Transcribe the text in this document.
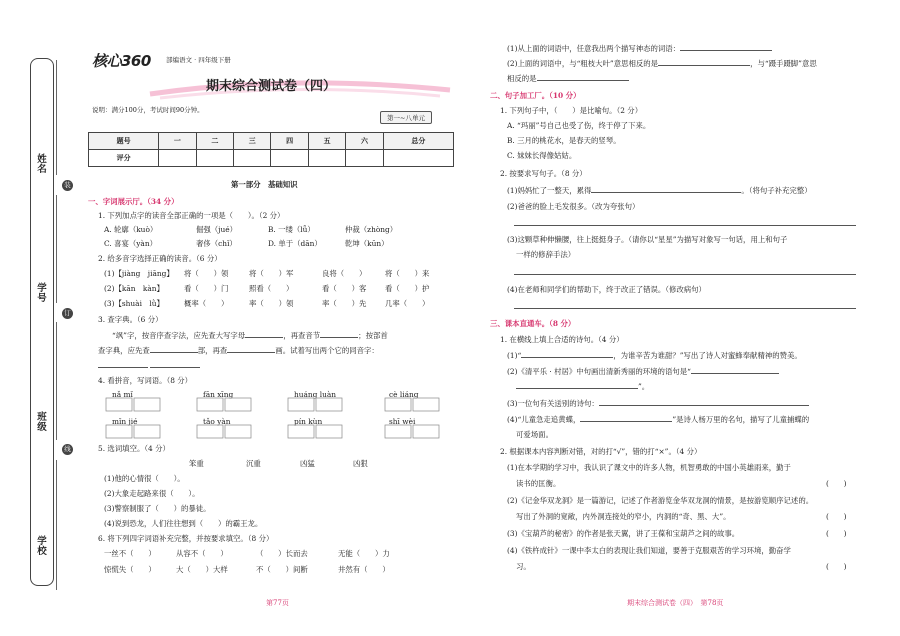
姓名
学号
班级
学校
装
订
线
核心360 部编语文 · 四年级下册
期末综合测试卷（四）
说明：满分100分，考试时间90分钟。
第一~八单元
题号	一	二	三	四	五	六	总分
评分							
第一部分　基础知识
一、字词展示厅。（34 分）
1. 下列加点字的读音全部正确的一项是（　　）。（2 分）
A. 轮廓（kuò）	倔强（jué）	B. 一缕（lǚ）	仲裁（zhòng）
C. 喜宴（yàn）	奢侈（chǐ）	D. 单于（dān）	乾坤（kūn）
2. 给多音字选择正确的读音。（6 分）
(1)【jiàng　jiāng】 将（　　）领	将（　　）军	良将（　　）	将（　　）来
(2)【kān　kàn】	看（　　）门	照看（　　）	看（　　）客	看（　　）护
(3)【shuài　lǜ】	概率（　　）	率（　　）领	率（　　）先	几率（　　）
3. 查字典。（6 分）
“飒”字，按音序查字法，应先查大写字母	，再查音节	；按部首
查字典，应先查	部，再查	画。试着写出两个它的同音字：

4. 看拼音，写词语。（8 分）
nǎ mǐ	fān xīng	huáng luàn	cè liáng
mǐn jié	tǎo yàn	pín kùn	shī wèi
5. 选词填空。（4 分）
笨重	沉重	凶猛	凶狠
(1)他的心情很（　　）。
(2)大象走起路来很（　　）。
(3)警察制服了（　　）的暴徒。
(4)说到恐龙，人们往往想到（　　）的霸王龙。
6. 将下列四字词语补充完整，并按要求填空。（8 分）
一丝不（　　）	从容不（　　）	（　　）长而去	无能（　　）力
惊慌失（　　）	大（　　）大样	不（　　）间断	井然有（　　）
第77页
(1)从上面的词语中，任意我出两个描写神态的词语：
(2)上面的词语中，与“粗枝大叶”意思相反的是	，与“蹑手蹑脚”意思
相反的是
二、句子加工厂。（10 分）
1. 下列句子中，（　　）是比喻句。（2 分）
A. “玛丽”号自己也受了伤，终于停了下来。
B. 三月的桃花水，是春天的竖琴。
C. 妹妹长得像姑姑。
2. 按要求写句子。（8 分）
(1)妈妈忙了一整天，累得	。（将句子补充完整）
(2)爸爸的脸上毛发很多。（改为夸张句）
(3)这颗草种伸懒腰，往上挺挺身子。（请你以“星星”为描写对象写一句话，用上和句子
一样的修辞手法）
(4)在老师和同学们的帮助下，终于改正了错误。（修改病句）
三、课本直通车。（8 分）
1. 在横线上填上合适的诗句。（4 分）
(1)“	，为谁辛苦为谁甜？”写出了诗人对蜜蜂奉献精神的赞美。
(2)《清平乐 · 村居》中句画出清新秀丽的环境的语句是“
”。
(3)一位句有关送别的诗句：
(4)“儿童急走追黄蝶，	”是诗人杨万里的名句，描写了儿童捕蝶的
可爱场面。
2. 根据课本内容判断对错，对的打“√”，错的打“×”。（4 分）
(1)在本学期的学习中，我认识了课文中的许多人物，机智勇敢的中国小英雄雨来，勤于
读书的匡衡。	(　　)
(2)《记金华双龙洞》是一篇游记，记述了作者游览金华双龙洞的情景，是按游览顺序记述的。
写出了外洞的宽敞，内外洞连接处的窄小，内洞的“奇、黑、大”。	(　　)
(3)《宝葫芦的秘密》的作者是张天翼，讲了王葆和宝葫芦之间的故事。	(　　)
(4)《铁杵成针》一课中李太白的表现让我们知道，要善于克服艰苦的学习环境，勤奋学
习。	(　　)
期末综合测试卷（四）　第78页
